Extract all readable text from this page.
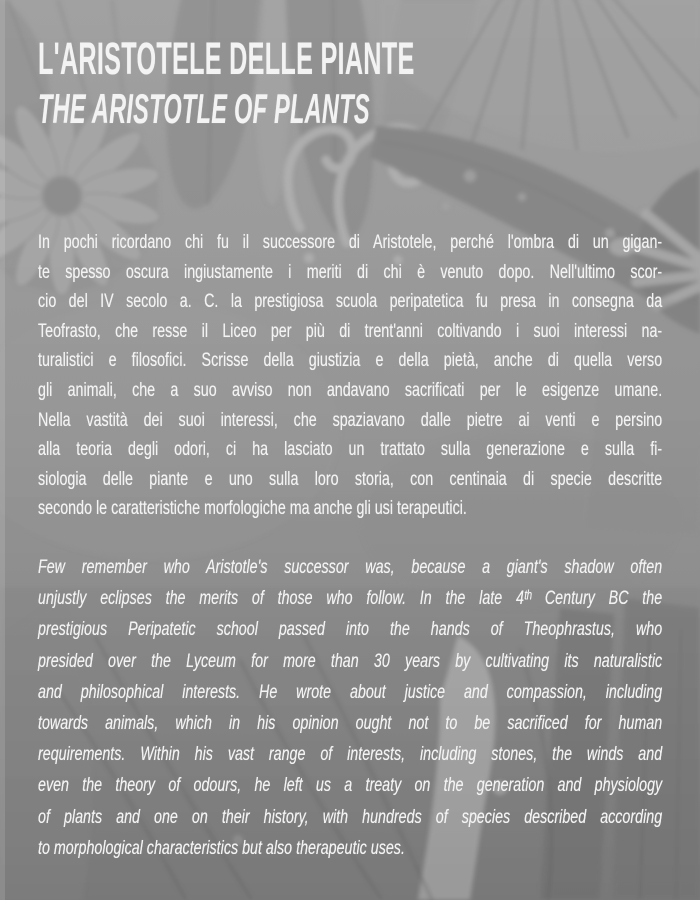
L'ARISTOTELE DELLE PIANTE
THE ARISTOTLE OF PLANTS
In pochi ricordano chi fu il successore di Aristotele, perché l'ombra di un gigan-
te spesso oscura ingiustamente i meriti di chi è venuto dopo. Nell'ultimo scor-
cio del IV secolo a. C. la prestigiosa scuola peripatetica fu presa in consegna da
Teofrasto, che resse il Liceo per più di trent'anni coltivando i suoi interessi na-
turalistici e filosofici. Scrisse della giustizia e della pietà, anche di quella verso
gli animali, che a suo avviso non andavano sacrificati per le esigenze umane.
Nella vastità dei suoi interessi, che spaziavano dalle pietre ai venti e persino
alla teoria degli odori, ci ha lasciato un trattato sulla generazione e sulla fi-
siologia delle piante e uno sulla loro storia, con centinaia di specie descritte
secondo le caratteristiche morfologiche ma anche gli usi terapeutici.
Few remember who Aristotle's successor was, because a giant's shadow often
unjustly eclipses the merits of those who follow. In the late 4ᵗʰ Century BC the
prestigious Peripatetic school passed into the hands of Theophrastus, who
presided over the Lyceum for more than 30 years by cultivating its naturalistic
and philosophical interests. He wrote about justice and compassion, including
towards animals, which in his opinion ought not to be sacrificed for human
requirements. Within his vast range of interests, including stones, the winds and
even the theory of odours, he left us a treaty on the generation and physiology
of plants and one on their history, with hundreds of species described according
to morphological characteristics but also therapeutic uses.
